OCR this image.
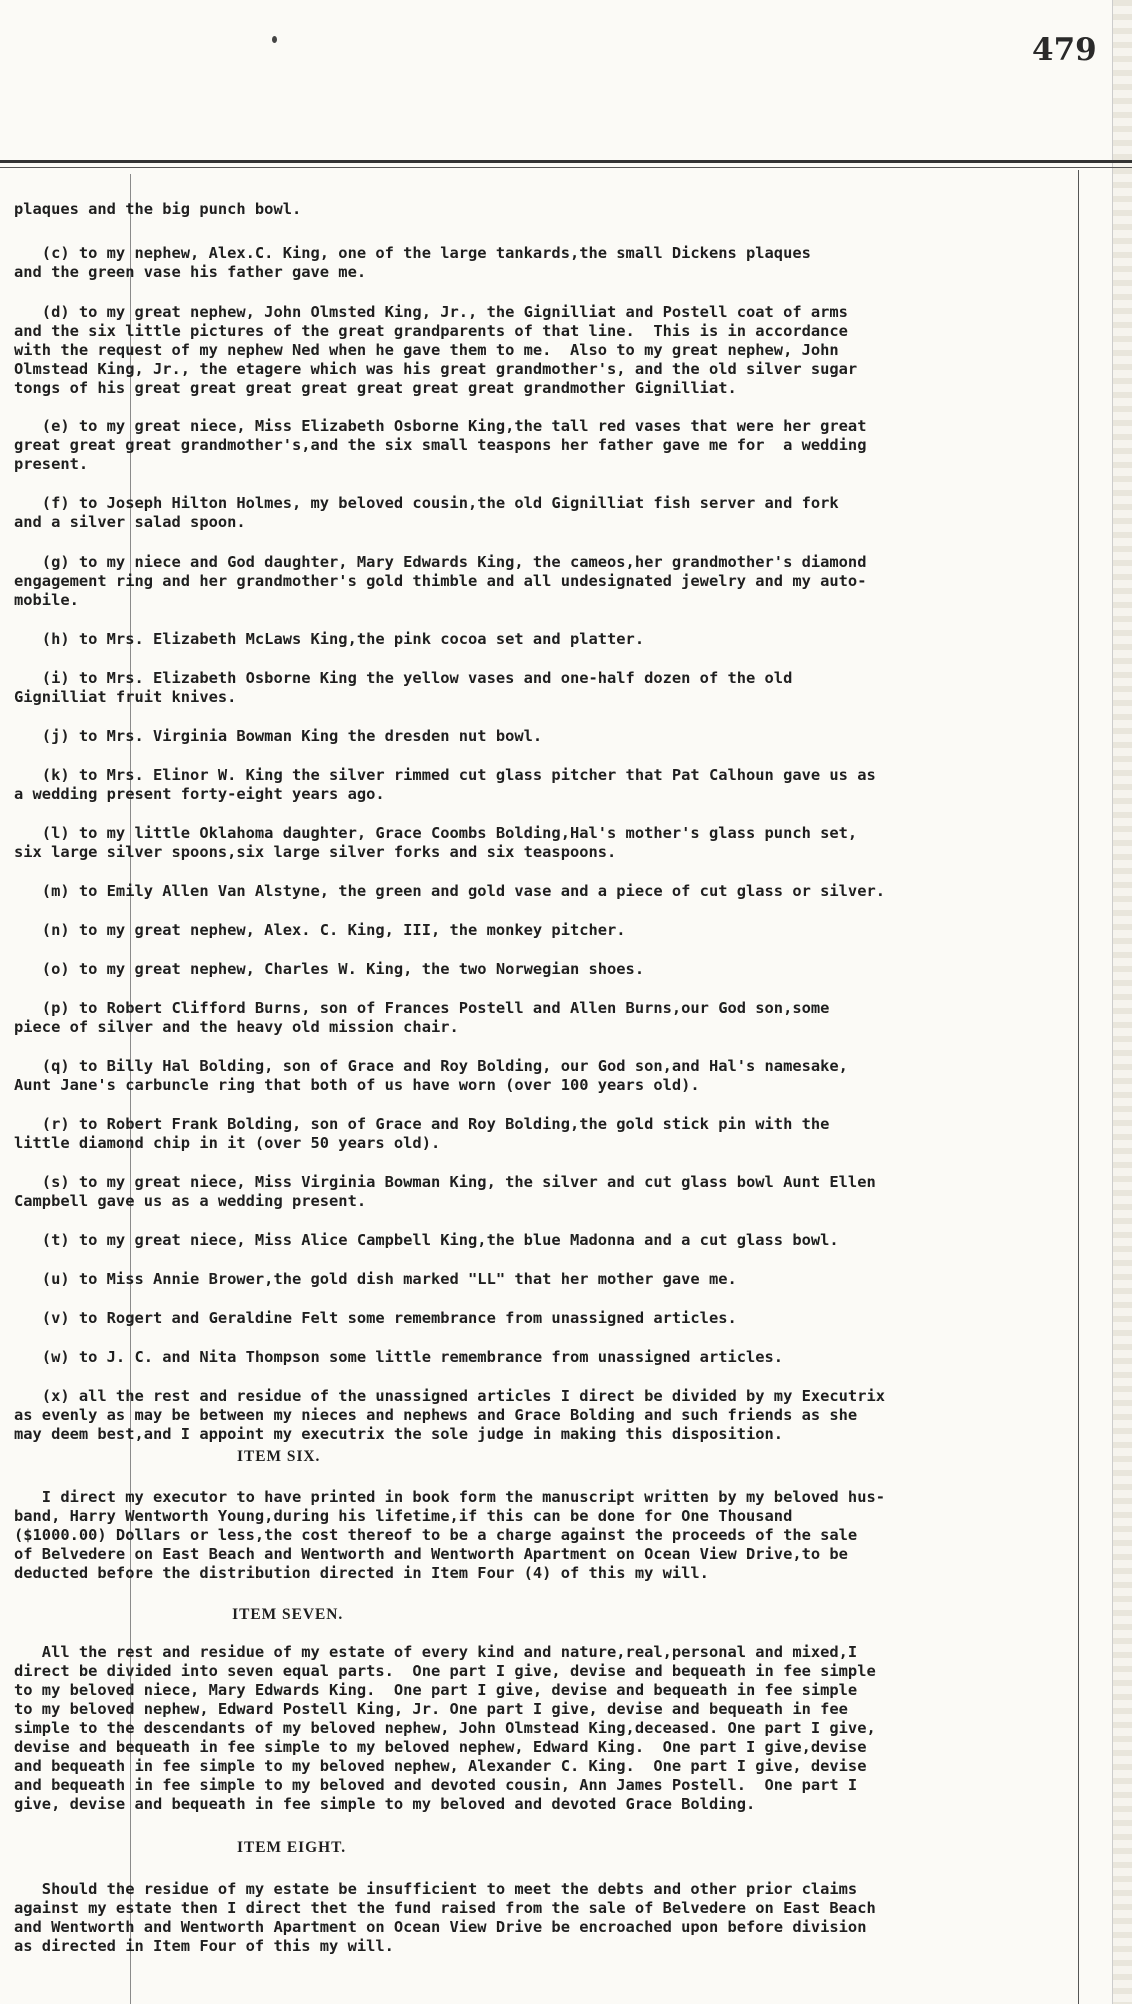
479

plaques and the big punch bowl.

(c) to my nephew, Alex.C. King, one of the large tankards,the small Dickens plaques

and the green vase his father gave me.

(d) to my great nephew, John Olmsted King, Jr., the Gignilliat and Postell coat of arms

and the six little pictures of the great grandparents of that line.  This is in accordance

with the request of my nephew Ned when he gave them to me.  Also to my great nephew, John

Olmstead King, Jr., the etagere which was his great grandmother's, and the old silver sugar

tongs of his great great great great great great great grandmother Gignilliat.

(e) to my great niece, Miss Elizabeth Osborne King,the tall red vases that were her great

great great great grandmother's,and the six small teaspons her father gave me for  a wedding

present.

(f) to Joseph Hilton Holmes, my beloved cousin,the old Gignilliat fish server and fork

and a silver salad spoon.

(g) to my niece and God daughter, Mary Edwards King, the cameos,her grandmother's diamond

engagement ring and her grandmother's gold thimble and all undesignated jewelry and my auto-

mobile.

(h) to Mrs. Elizabeth McLaws King,the pink cocoa set and platter.

(i) to Mrs. Elizabeth Osborne King the yellow vases and one-half dozen of the old

Gignilliat fruit knives.

(j) to Mrs. Virginia Bowman King the dresden nut bowl.

(k) to Mrs. Elinor W. King the silver rimmed cut glass pitcher that Pat Calhoun gave us as

a wedding present forty-eight years ago.

(l) to my little Oklahoma daughter, Grace Coombs Bolding,Hal's mother's glass punch set,

six large silver spoons,six large silver forks and six teaspoons.

(m) to Emily Allen Van Alstyne, the green and gold vase and a piece of cut glass or silver.

(n) to my great nephew, Alex. C. King, III, the monkey pitcher.

(o) to my great nephew, Charles W. King, the two Norwegian shoes.

(p) to Robert Clifford Burns, son of Frances Postell and Allen Burns,our God son,some

piece of silver and the heavy old mission chair.

(q) to Billy Hal Bolding, son of Grace and Roy Bolding, our God son,and Hal's namesake,

Aunt Jane's carbuncle ring that both of us have worn (over 100 years old).

(r) to Robert Frank Bolding, son of Grace and Roy Bolding,the gold stick pin with the

little diamond chip in it (over 50 years old).

(s) to my great niece, Miss Virginia Bowman King, the silver and cut glass bowl Aunt Ellen

Campbell gave us as a wedding present.

(t) to my great niece, Miss Alice Campbell King,the blue Madonna and a cut glass bowl.

(u) to Miss Annie Brower,the gold dish marked "LL" that her mother gave me.

(v) to Rogert and Geraldine Felt some remembrance from unassigned articles.

(w) to J. C. and Nita Thompson some little remembrance from unassigned articles.

(x) all the rest and residue of the unassigned articles I direct be divided by my Executrix

as evenly as may be between my nieces and nephews and Grace Bolding and such friends as she

may deem best,and I appoint my executrix the sole judge in making this disposition.

ITEM SIX.

I direct my executor to have printed in book form the manuscript written by my beloved hus-

band, Harry Wentworth Young,during his lifetime,if this can be done for One Thousand

($1000.00) Dollars or less,the cost thereof to be a charge against the proceeds of the sale

of Belvedere on East Beach and Wentworth and Wentworth Apartment on Ocean View Drive,to be

deducted before the distribution directed in Item Four (4) of this my will.

ITEM SEVEN.

All the rest and residue of my estate of every kind and nature,real,personal and mixed,I

direct be divided into seven equal parts.  One part I give, devise and bequeath in fee simple

to my beloved niece, Mary Edwards King.  One part I give, devise and bequeath in fee simple

to my beloved nephew, Edward Postell King, Jr. One part I give, devise and bequeath in fee

simple to the descendants of my beloved nephew, John Olmstead King,deceased. One part I give,

devise and bequeath in fee simple to my beloved nephew, Edward King.  One part I give,devise

and bequeath in fee simple to my beloved nephew, Alexander C. King.  One part I give, devise

and bequeath in fee simple to my beloved and devoted cousin, Ann James Postell.  One part I

give, devise and bequeath in fee simple to my beloved and devoted Grace Bolding.

ITEM EIGHT.

Should the residue of my estate be insufficient to meet the debts and other prior claims

against my estate then I direct thet the fund raised from the sale of Belvedere on East Beach

and Wentworth and Wentworth Apartment on Ocean View Drive be encroached upon before division

as directed in Item Four of this my will.
